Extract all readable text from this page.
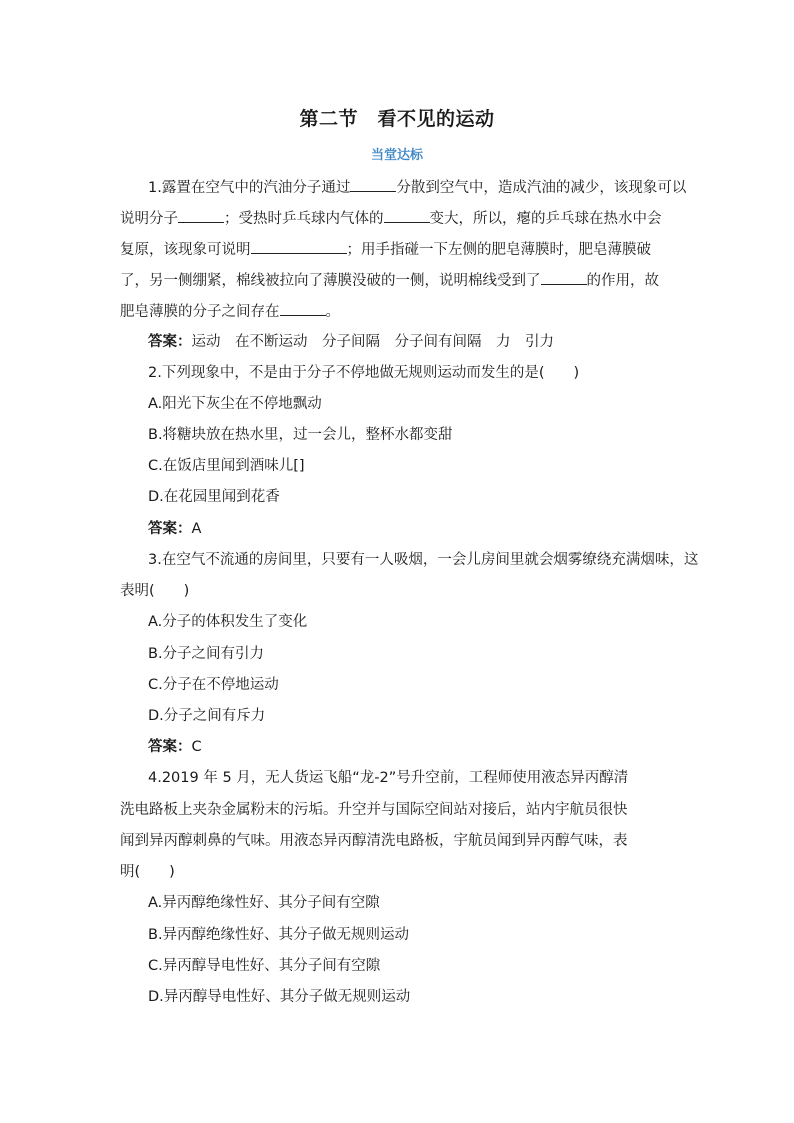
第二节　看不见的运动
当堂达标
1.露置在空气中的汽油分子通过	分散到空气中，造成汽油的减少，该现象可以
说明分子	；受热时乒乓球内气体的	变大，所以，瘪的乒乓球在热水中会
复原，该现象可说明	；用手指碰一下左侧的肥皂薄膜时，肥皂薄膜破
了，另一侧绷紧，棉线被拉向了薄膜没破的一侧，说明棉线受到了	的作用，故
肥皂薄膜的分子之间存在	。
答案：运动　在不断运动　分子间隔　分子间有间隔　力　引力
2.下列现象中，不是由于分子不停地做无规则运动而发生的是(　　)
A.阳光下灰尘在不停地飘动
B.将糖块放在热水里，过一会儿，整杯水都变甜
C.在饭店里闻到酒味儿[]
D.在花园里闻到花香
答案：A
3.在空气不流通的房间里，只要有一人吸烟，一会儿房间里就会烟雾缭绕充满烟味，这
表明(　　)
A.分子的体积发生了变化
B.分子之间有引力
C.分子在不停地运动
D.分子之间有斥力
答案：C
4.2019 年 5 月，无人货运飞船“龙-2”号升空前，工程师使用液态异丙醇清
洗电路板上夹杂金属粉末的污垢。升空并与国际空间站对接后，站内宇航员很快
闻到异丙醇刺鼻的气味。用液态异丙醇清洗电路板，宇航员闻到异丙醇气味，表
明(　　)
A.异丙醇绝缘性好、其分子间有空隙
B.异丙醇绝缘性好、其分子做无规则运动
C.异丙醇导电性好、其分子间有空隙
D.异丙醇导电性好、其分子做无规则运动
